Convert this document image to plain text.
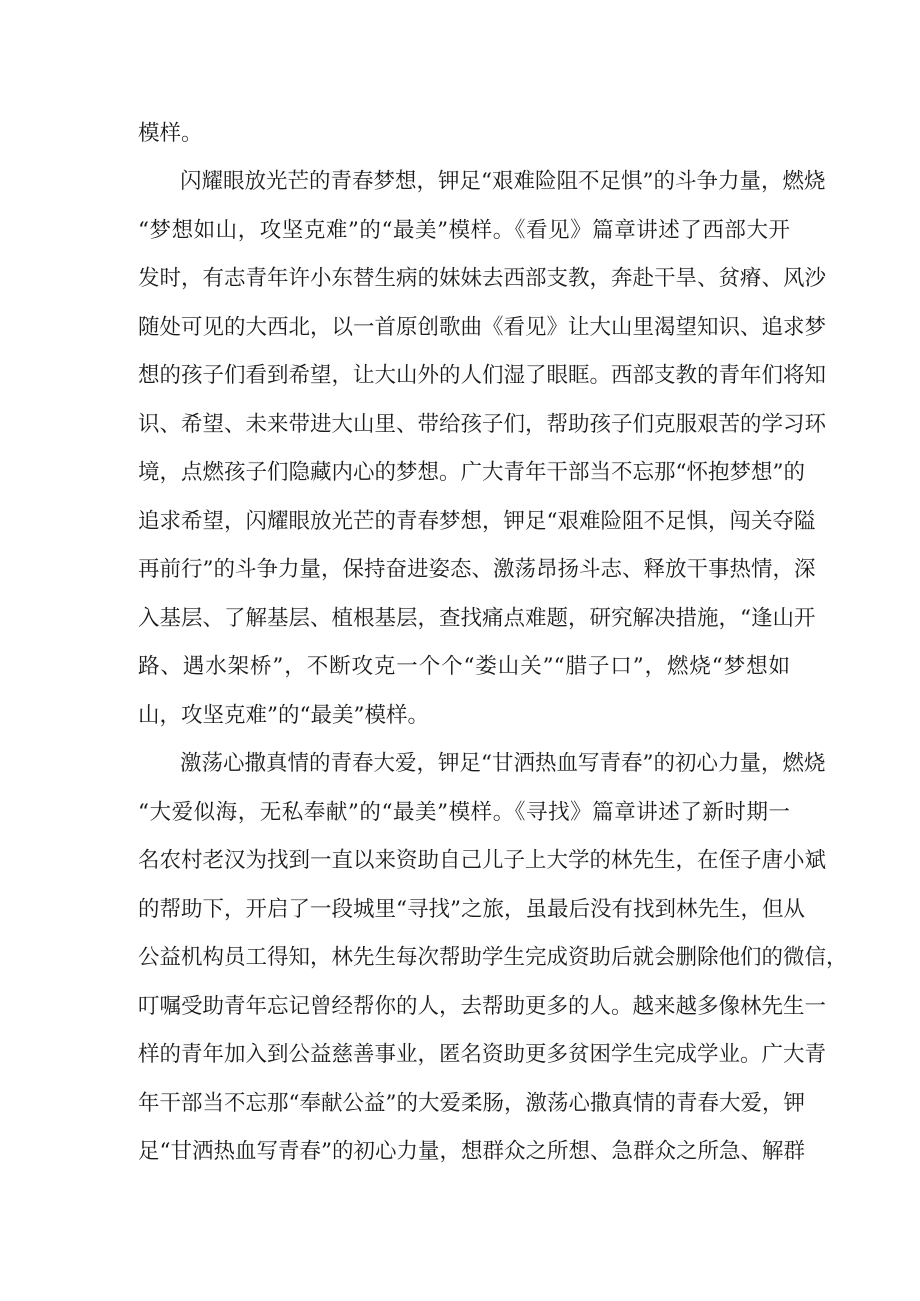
模样。
闪耀眼放光芒的青春梦想，钾足“艰难险阻不足惧”的斗争力量，燃烧
“梦想如山，攻坚克难”的“最美”模样。《看见》篇章讲述了西部大开
发时，有志青年许小东替生病的妹妹去西部支教，奔赴干旱、贫瘠、风沙
随处可见的大西北，以一首原创歌曲《看见》让大山里渴望知识、追求梦
想的孩子们看到希望，让大山外的人们湿了眼眶。西部支教的青年们将知
识、希望、未来带进大山里、带给孩子们，帮助孩子们克服艰苦的学习环
境，点燃孩子们隐藏内心的梦想。广大青年干部当不忘那“怀抱梦想”的
追求希望，闪耀眼放光芒的青春梦想，钾足“艰难险阻不足惧，闯关夺隘
再前行”的斗争力量，保持奋进姿态、激荡昂扬斗志、释放干事热情，深
入基层、了解基层、植根基层，查找痛点难题，研究解决措施，“逢山开
路、遇水架桥”，不断攻克一个个“娄山关”“腊子口”，燃烧“梦想如
山，攻坚克难”的“最美”模样。
激荡心撒真情的青春大爱，钾足“甘洒热血写青春”的初心力量，燃烧
“大爱似海，无私奉献”的“最美”模样。《寻找》篇章讲述了新时期一
名农村老汉为找到一直以来资助自己儿子上大学的林先生，在侄子唐小斌
的帮助下，开启了一段城里“寻找”之旅，虽最后没有找到林先生，但从
公益机构员工得知，林先生每次帮助学生完成资助后就会删除他们的微信，
叮嘱受助青年忘记曾经帮你的人，去帮助更多的人。越来越多像林先生一
样的青年加入到公益慈善事业，匿名资助更多贫困学生完成学业。广大青
年干部当不忘那“奉献公益”的大爱柔肠，激荡心撒真情的青春大爱，钾
足“甘洒热血写青春”的初心力量，想群众之所想、急群众之所急、解群
